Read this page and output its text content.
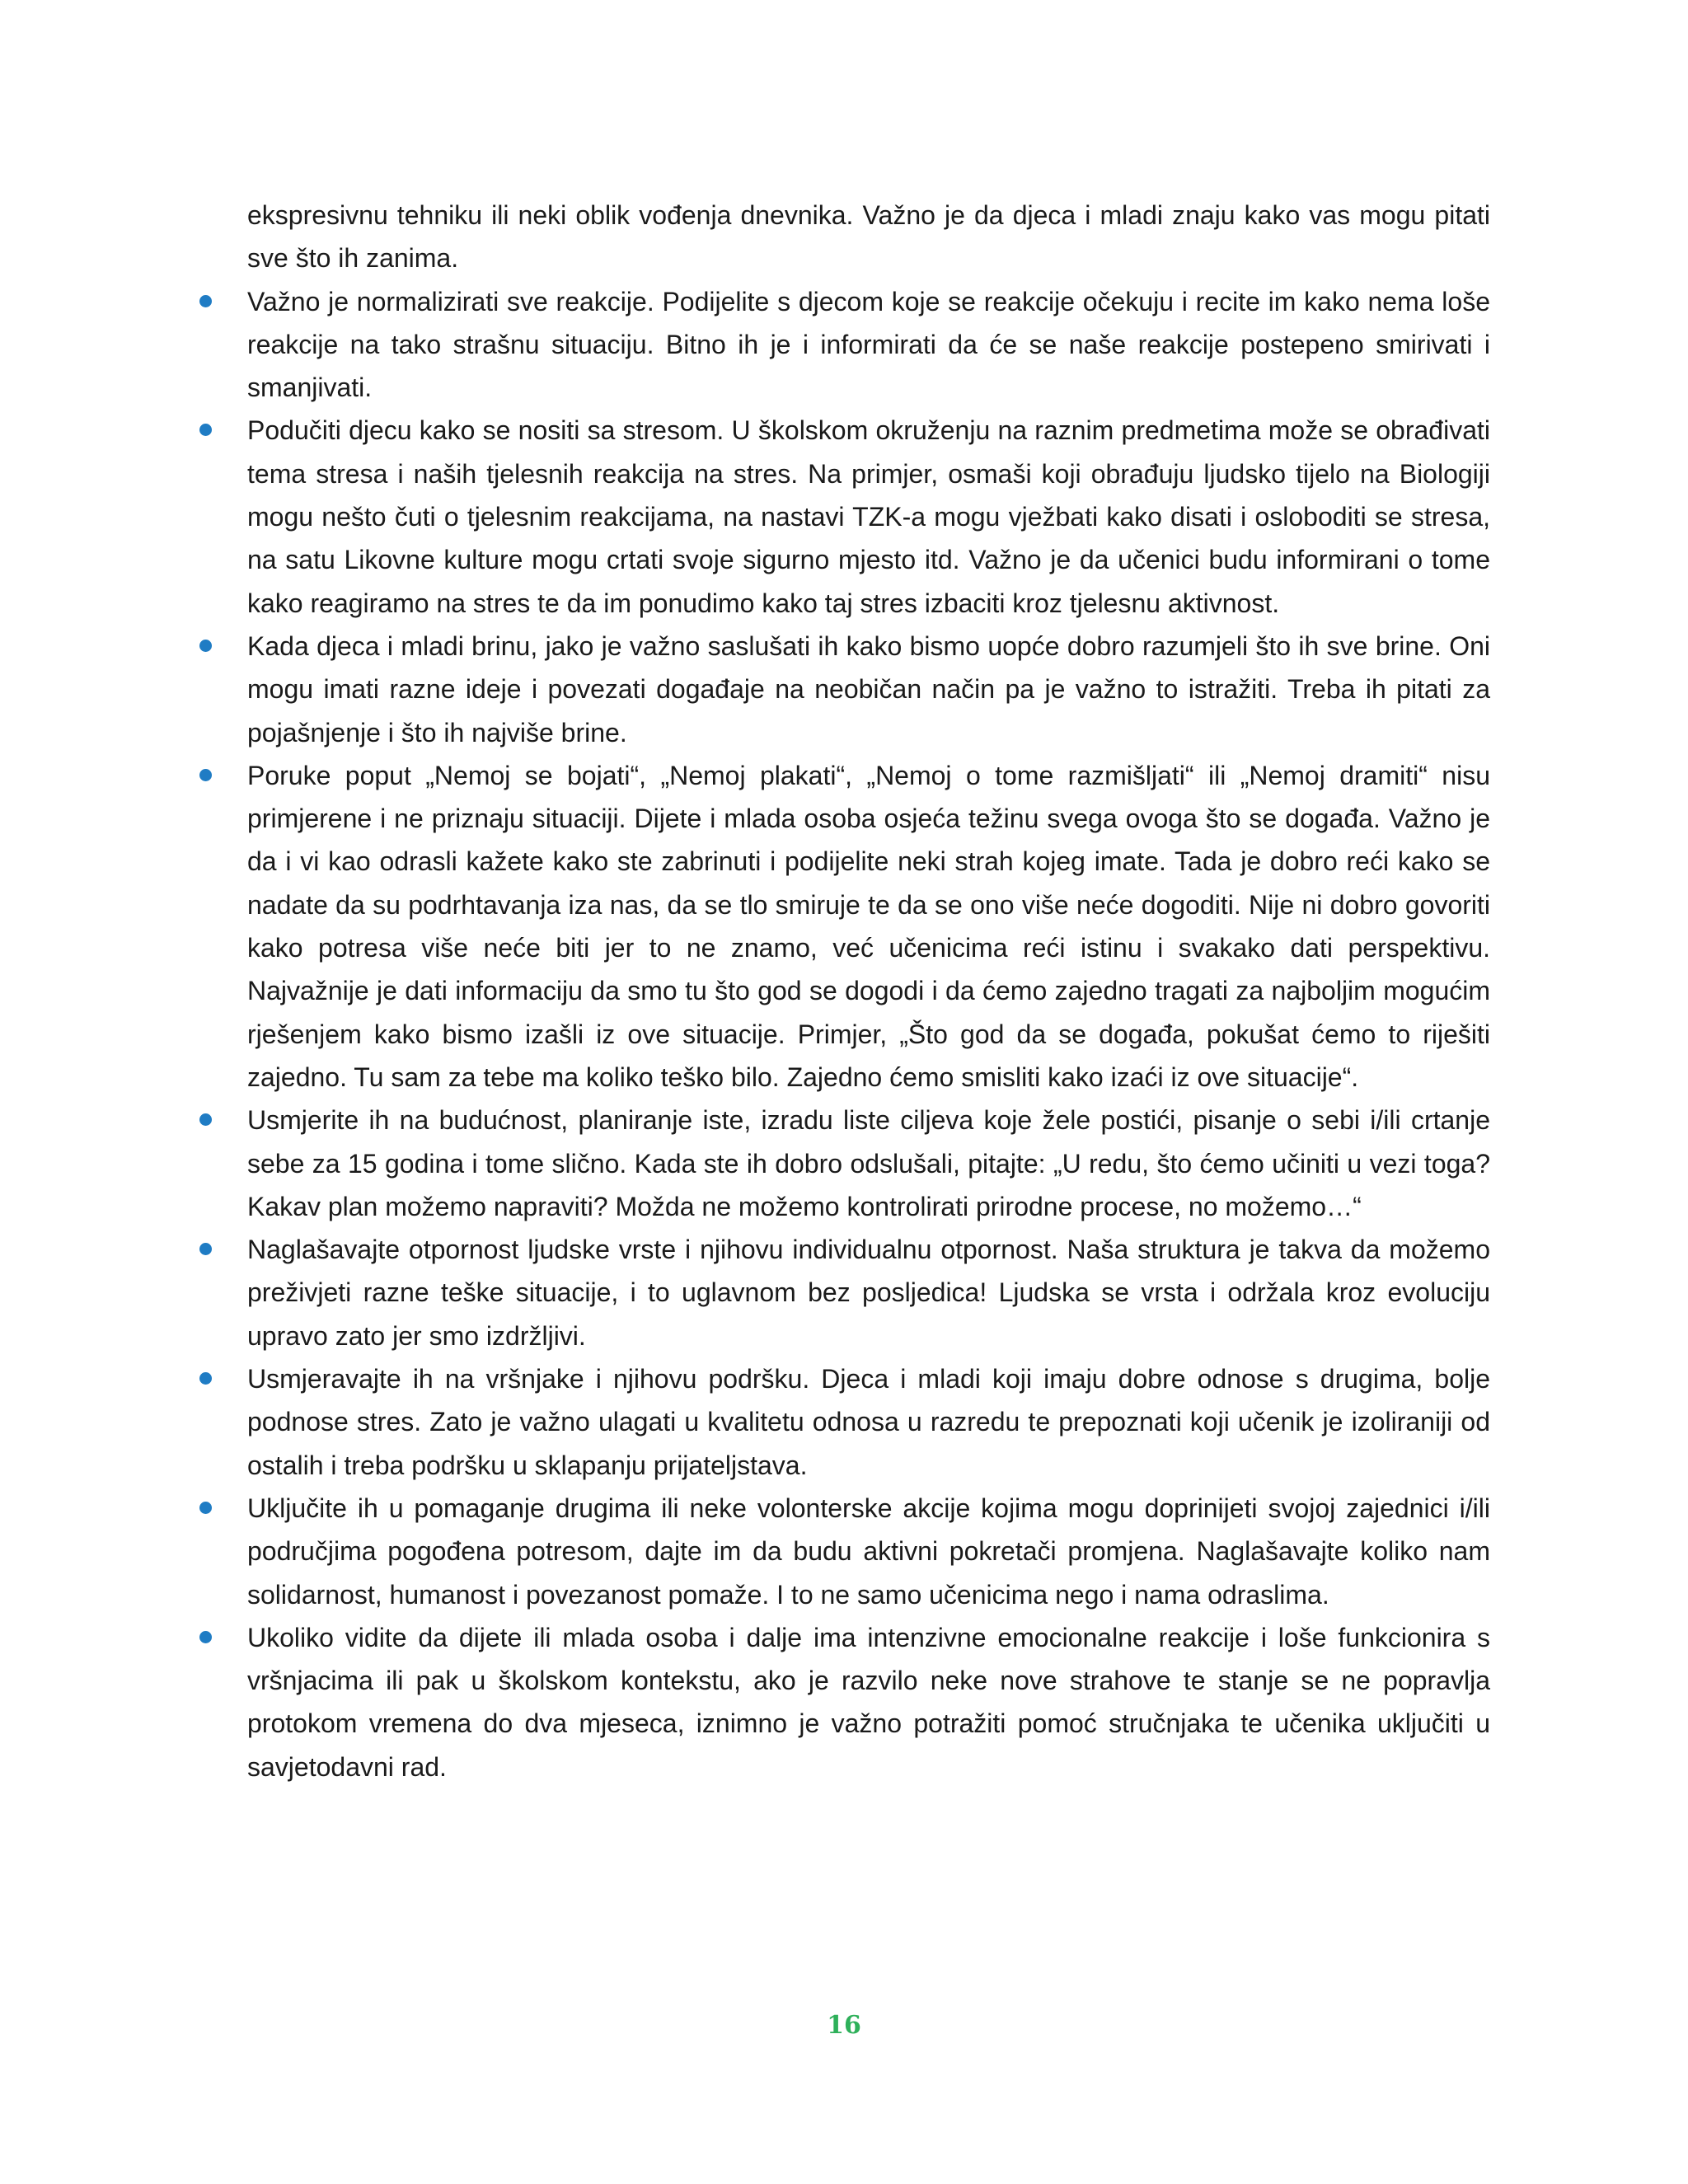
ekspresivnu tehniku ili neki oblik vođenja dnevnika. Važno je da djeca i mladi znaju kako vas mogu pitati sve što ih zanima.

Važno je normalizirati sve reakcije. Podijelite s djecom koje se reakcije očekuju i recite im kako nema loše reakcije na tako strašnu situaciju. Bitno ih je i informirati da će se naše reakcije postepeno smirivati i smanjivati.
Podučiti djecu kako se nositi sa stresom. U školskom okruženju na raznim predmetima može se obrađivati tema stresa i naših tjelesnih reakcija na stres. Na primjer, osmaši koji obrađuju ljudsko tijelo na Biologiji mogu nešto čuti o tjelesnim reakcijama, na nastavi TZK-a mogu vježbati kako disati i osloboditi se stresa, na satu Likovne kulture mogu crtati svoje sigurno mjesto itd. Važno je da učenici budu informirani o tome kako reagiramo na stres te da im ponudimo kako taj stres izbaciti kroz tjelesnu aktivnost.
Kada djeca i mladi brinu, jako je važno saslušati ih kako bismo uopće dobro razumjeli što ih sve brine. Oni mogu imati razne ideje i povezati događaje na neobičan način pa je važno to istražiti. Treba ih pitati za pojašnjenje i što ih najviše brine.
Poruke poput „Nemoj se bojati“, „Nemoj plakati“, „Nemoj o tome razmišljati“ ili „Nemoj dramiti“ nisu primjerene i ne priznaju situaciji. Dijete i mlada osoba osjeća težinu svega ovoga što se događa. Važno je da i vi kao odrasli kažete kako ste zabrinuti i podijelite neki strah kojeg imate. Tada je dobro reći kako se nadate da su podrhtavanja iza nas, da se tlo smiruje te da se ono više neće dogoditi. Nije ni dobro govoriti kako potresa više neće biti jer to ne znamo, već učenicima reći istinu i svakako dati perspektivu. Najvažnije je dati informaciju da smo tu što god se dogodi i da ćemo zajedno tragati za najboljim mogućim rješenjem kako bismo izašli iz ove situacije. Primjer, „Što god da se događa, pokušat ćemo to riješiti zajedno. Tu sam za tebe ma koliko teško bilo. Zajedno ćemo smisliti kako izaći iz ove situacije“.
Usmjerite ih na budućnost, planiranje iste, izradu liste ciljeva koje žele postići, pisanje o sebi i/ili crtanje sebe za 15 godina i tome slično. Kada ste ih dobro odslušali, pitajte: „U redu, što ćemo učiniti u vezi toga? Kakav plan možemo napraviti? Možda ne možemo kontrolirati prirodne procese, no možemo…“
Naglašavajte otpornost ljudske vrste i njihovu individualnu otpornost. Naša struktura je takva da možemo preživjeti razne teške situacije, i to uglavnom bez posljedica! Ljudska se vrsta i održala kroz evoluciju upravo zato jer smo izdržljivi.
Usmjeravajte ih na vršnjake i njihovu podršku. Djeca i mladi koji imaju dobre odnose s drugima, bolje podnose stres. Zato je važno ulagati u kvalitetu odnosa u razredu te prepoznati koji učenik je izoliraniji od ostalih i treba podršku u sklapanju prijateljstava.
Uključite ih u pomaganje drugima ili neke volonterske akcije kojima mogu doprinijeti svojoj zajednici i/ili područjima pogođena potresom, dajte im da budu aktivni pokretači promjena. Naglašavajte koliko nam solidarnost, humanost i povezanost pomaže. I to ne samo učenicima nego i nama odraslima.
Ukoliko vidite da dijete ili mlada osoba i dalje ima intenzivne emocionalne reakcije i loše funkcionira s vršnjacima ili pak u školskom kontekstu, ako je razvilo neke nove strahove te stanje se ne popravlja protokom vremena do dva mjeseca, iznimno je važno potražiti pomoć stručnjaka te učenika uključiti u savjetodavni rad.
16
